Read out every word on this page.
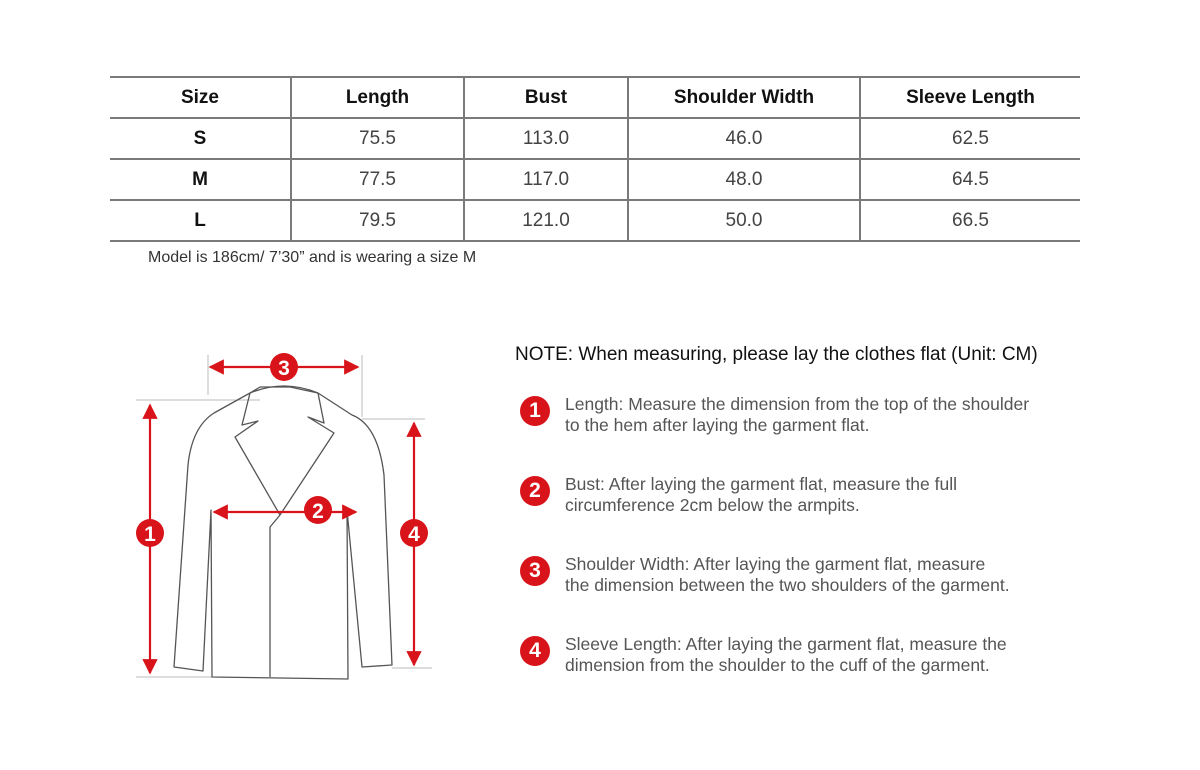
Size	Length	Bust	Shoulder Width	Sleeve Length
S	75.5	113.0	46.0	62.5
M	77.5	117.0	48.0	64.5
L	79.5	121.0	50.0	66.5
Model is 186cm/ 7’30” and is wearing a size M
1
2
3
4
NOTE: When measuring, please lay the clothes flat (Unit: CM)
1	Length: Measure the dimension from the top of the shoulder
to the hem after laying the garment flat.
2	Bust: After laying the garment flat, measure the full
circumference 2cm below the armpits.
3	Shoulder Width: After laying the garment flat, measure
the dimension between the two shoulders of the garment.
4	Sleeve Length: After laying the garment flat, measure the
dimension from the shoulder to the cuff of the garment.
